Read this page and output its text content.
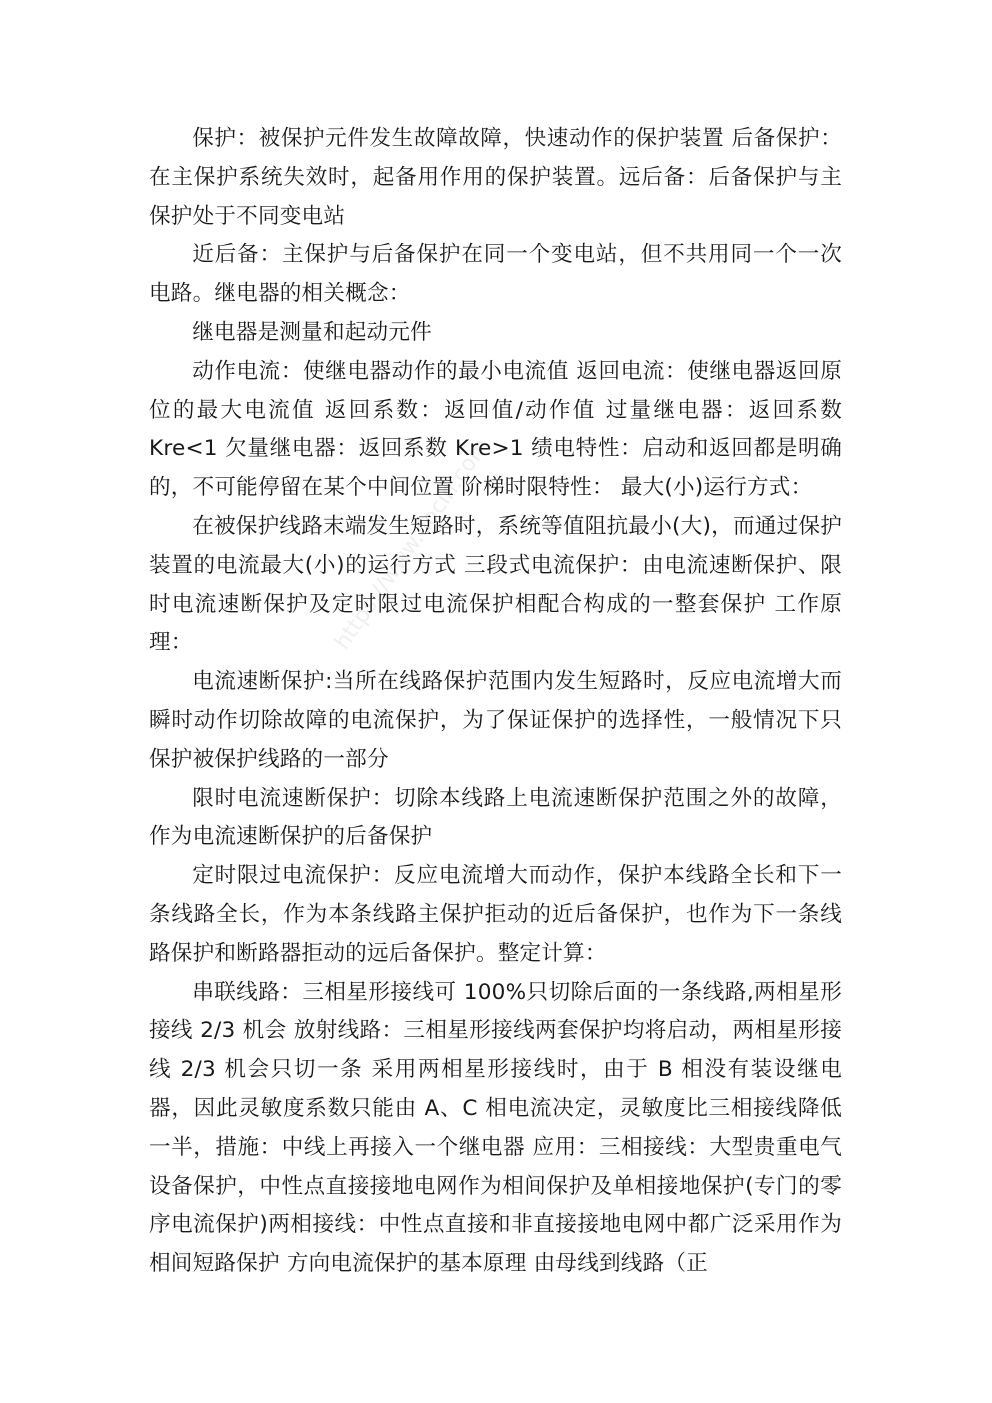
https://www.docin.com

保护：被保护元件发生故障故障，快速动作的保护装置 后备保护：在主保护系统失效时，起备用作用的保护装置。远后备：后备保护与主保护处于不同变电站

近后备：主保护与后备保护在同一个变电站，但不共用同一个一次电路。继电器的相关概念：

继电器是测量和起动元件

动作电流：使继电器动作的最小电流值 返回电流：使继电器返回原位的最大电流值 返回系数：返回值/动作值 过量继电器：返回系数 Kre<1 欠量继电器：返回系数 Kre>1 绩电特性：启动和返回都是明确的，不可能停留在某个中间位置 阶梯时限特性： 最大(小)运行方式：

在被保护线路末端发生短路时，系统等值阻抗最小(大)，而通过保护装置的电流最大(小)的运行方式 三段式电流保护：由电流速断保护、限时电流速断保护及定时限过电流保护相配合构成的一整套保护 工作原理：

电流速断保护:当所在线路保护范围内发生短路时，反应电流增大而瞬时动作切除故障的电流保护，为了保证保护的选择性，一般情况下只保护被保护线路的一部分

限时电流速断保护：切除本线路上电流速断保护范围之外的故障，作为电流速断保护的后备保护

定时限过电流保护：反应电流增大而动作，保护本线路全长和下一条线路全长，作为本条线路主保护拒动的近后备保护，也作为下一条线路保护和断路器拒动的远后备保护。整定计算：

串联线路：三相星形接线可 100%只切除后面的一条线路,两相星形接线 2/3 机会 放射线路：三相星形接线两套保护均将启动，两相星形接线 2/3 机会只切一条 采用两相星形接线时，由于 B 相没有装设继电器，因此灵敏度系数只能由 A、C 相电流决定，灵敏度比三相接线降低一半，措施：中线上再接入一个继电器 应用：三相接线：大型贵重电气设备保护，中性点直接接地电网作为相间保护及单相接地保护(专门的零序电流保护)两相接线：中性点直接和非直接接地电网中都广泛采用作为相间短路保护 方向电流保护的基本原理 由母线到线路（正
